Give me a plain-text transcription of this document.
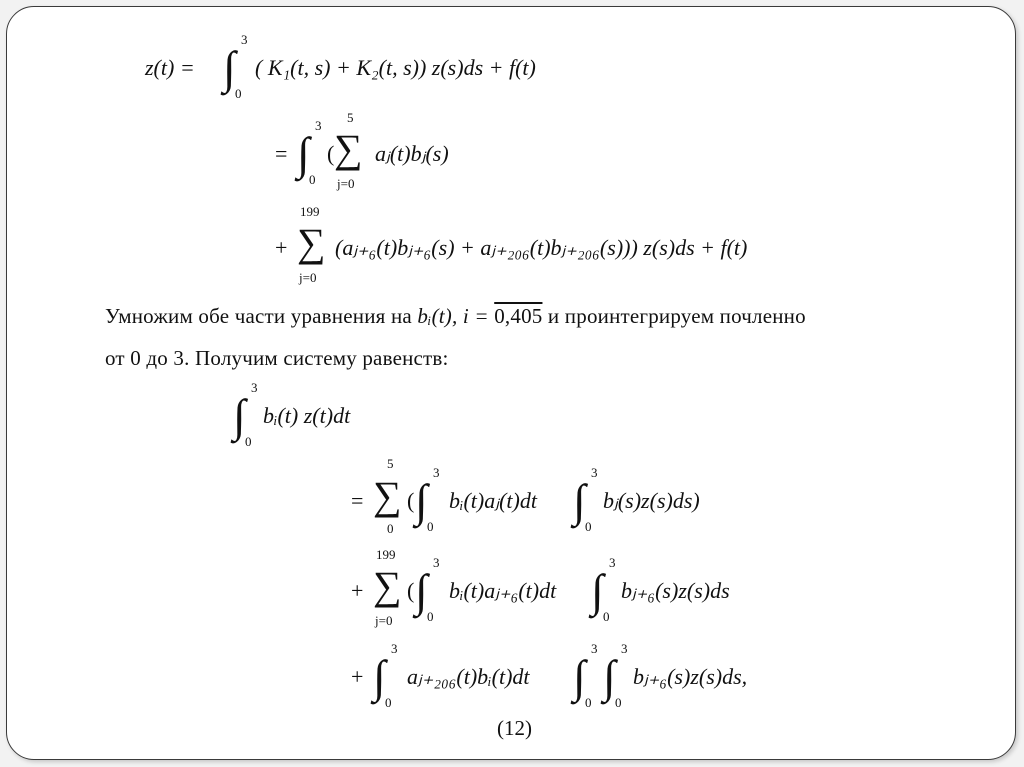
z(t) = ∫
3
0
( K₁(t, s) + K₂(t, s)) z(s)ds + f(t)
= ∫
3
0
( ∑
5
j=0
aⱼ(t)bⱼ(s)
+ ∑
199
j=0
(aⱼ₊₆(t)bⱼ₊₆(s) + aⱼ₊₂₀₆(t)bⱼ₊₂₀₆(s))) z(s)ds + f(t)
Умножим обе части уравнения на bᵢ(t), i = 0,405 и проинтегрируем почленно
от 0 до 3. Получим систему равенств:
∫
3
0
bᵢ(t) z(t)dt
= ∑
5
0
( ∫
3
0
bᵢ(t)aⱼ(t)dt ∫
3
0
bⱼ(s)z(s)ds)
+ ∑
199
j=0
( ∫
3
0
bᵢ(t)aⱼ₊₆(t)dt ∫
3
0
bⱼ₊₆(s)z(s)ds
+ ∫
3
0
aⱼ₊₂₀₆(t)bᵢ(t)dt ∫
3
0
∫
3
0
bⱼ₊₆(s)z(s)ds,
(12)
